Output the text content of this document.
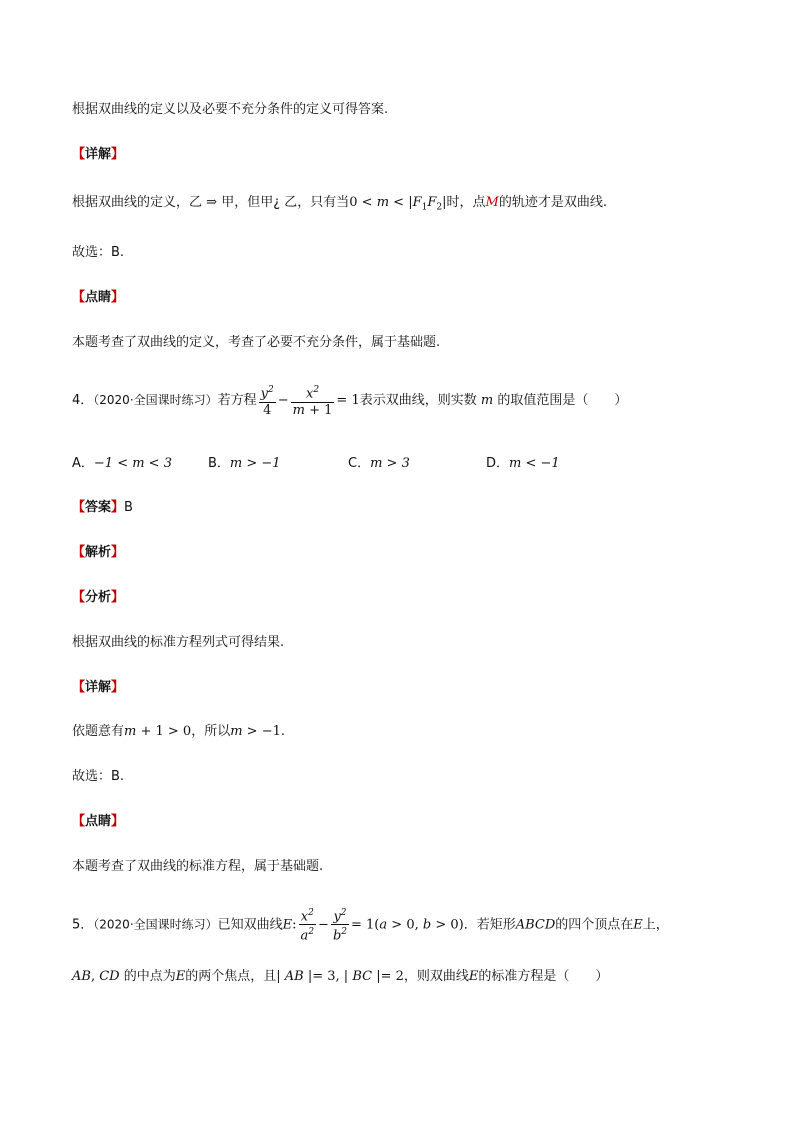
根据双曲线的定义以及必要不充分条件的定义可得答案.
【详解】
根据双曲线的定义，乙 ⇒ 甲，但甲¿ 乙，只有当$0 < m < |F_1F_2|$时，点M的轨迹才是双曲线.
故选：B.
【点睛】
本题考查了双曲线的定义，考查了必要不充分条件，属于基础题.
4．（2020·全国课时练习）若方程 $\frac{y^2}{4} - \frac{x^2}{m + 1} = 1$表示双曲线，则实数 m 的取值范围是（　　）
A．−1 < m < 3	B．m > −1	C．m > 3	D．m < −1
【答案】B
【解析】
【分析】
根据双曲线的标准方程列式可得结果.
【详解】
依题意有m + 1 > 0，所以m > −1.
故选：B.
【点睛】
本题考查了双曲线的标准方程，属于基础题.
5．（2020·全国课时练习）已知双曲线E: $\frac{x^2}{a^2} - \frac{y^2}{b^2} = 1(a > 0$, b > 0)．若矩形ABCD的四个顶点在E上，
AB, CD 的中点为E的两个焦点，且| AB |= 3, | BC |= 2，则双曲线E的标准方程是（　　）
